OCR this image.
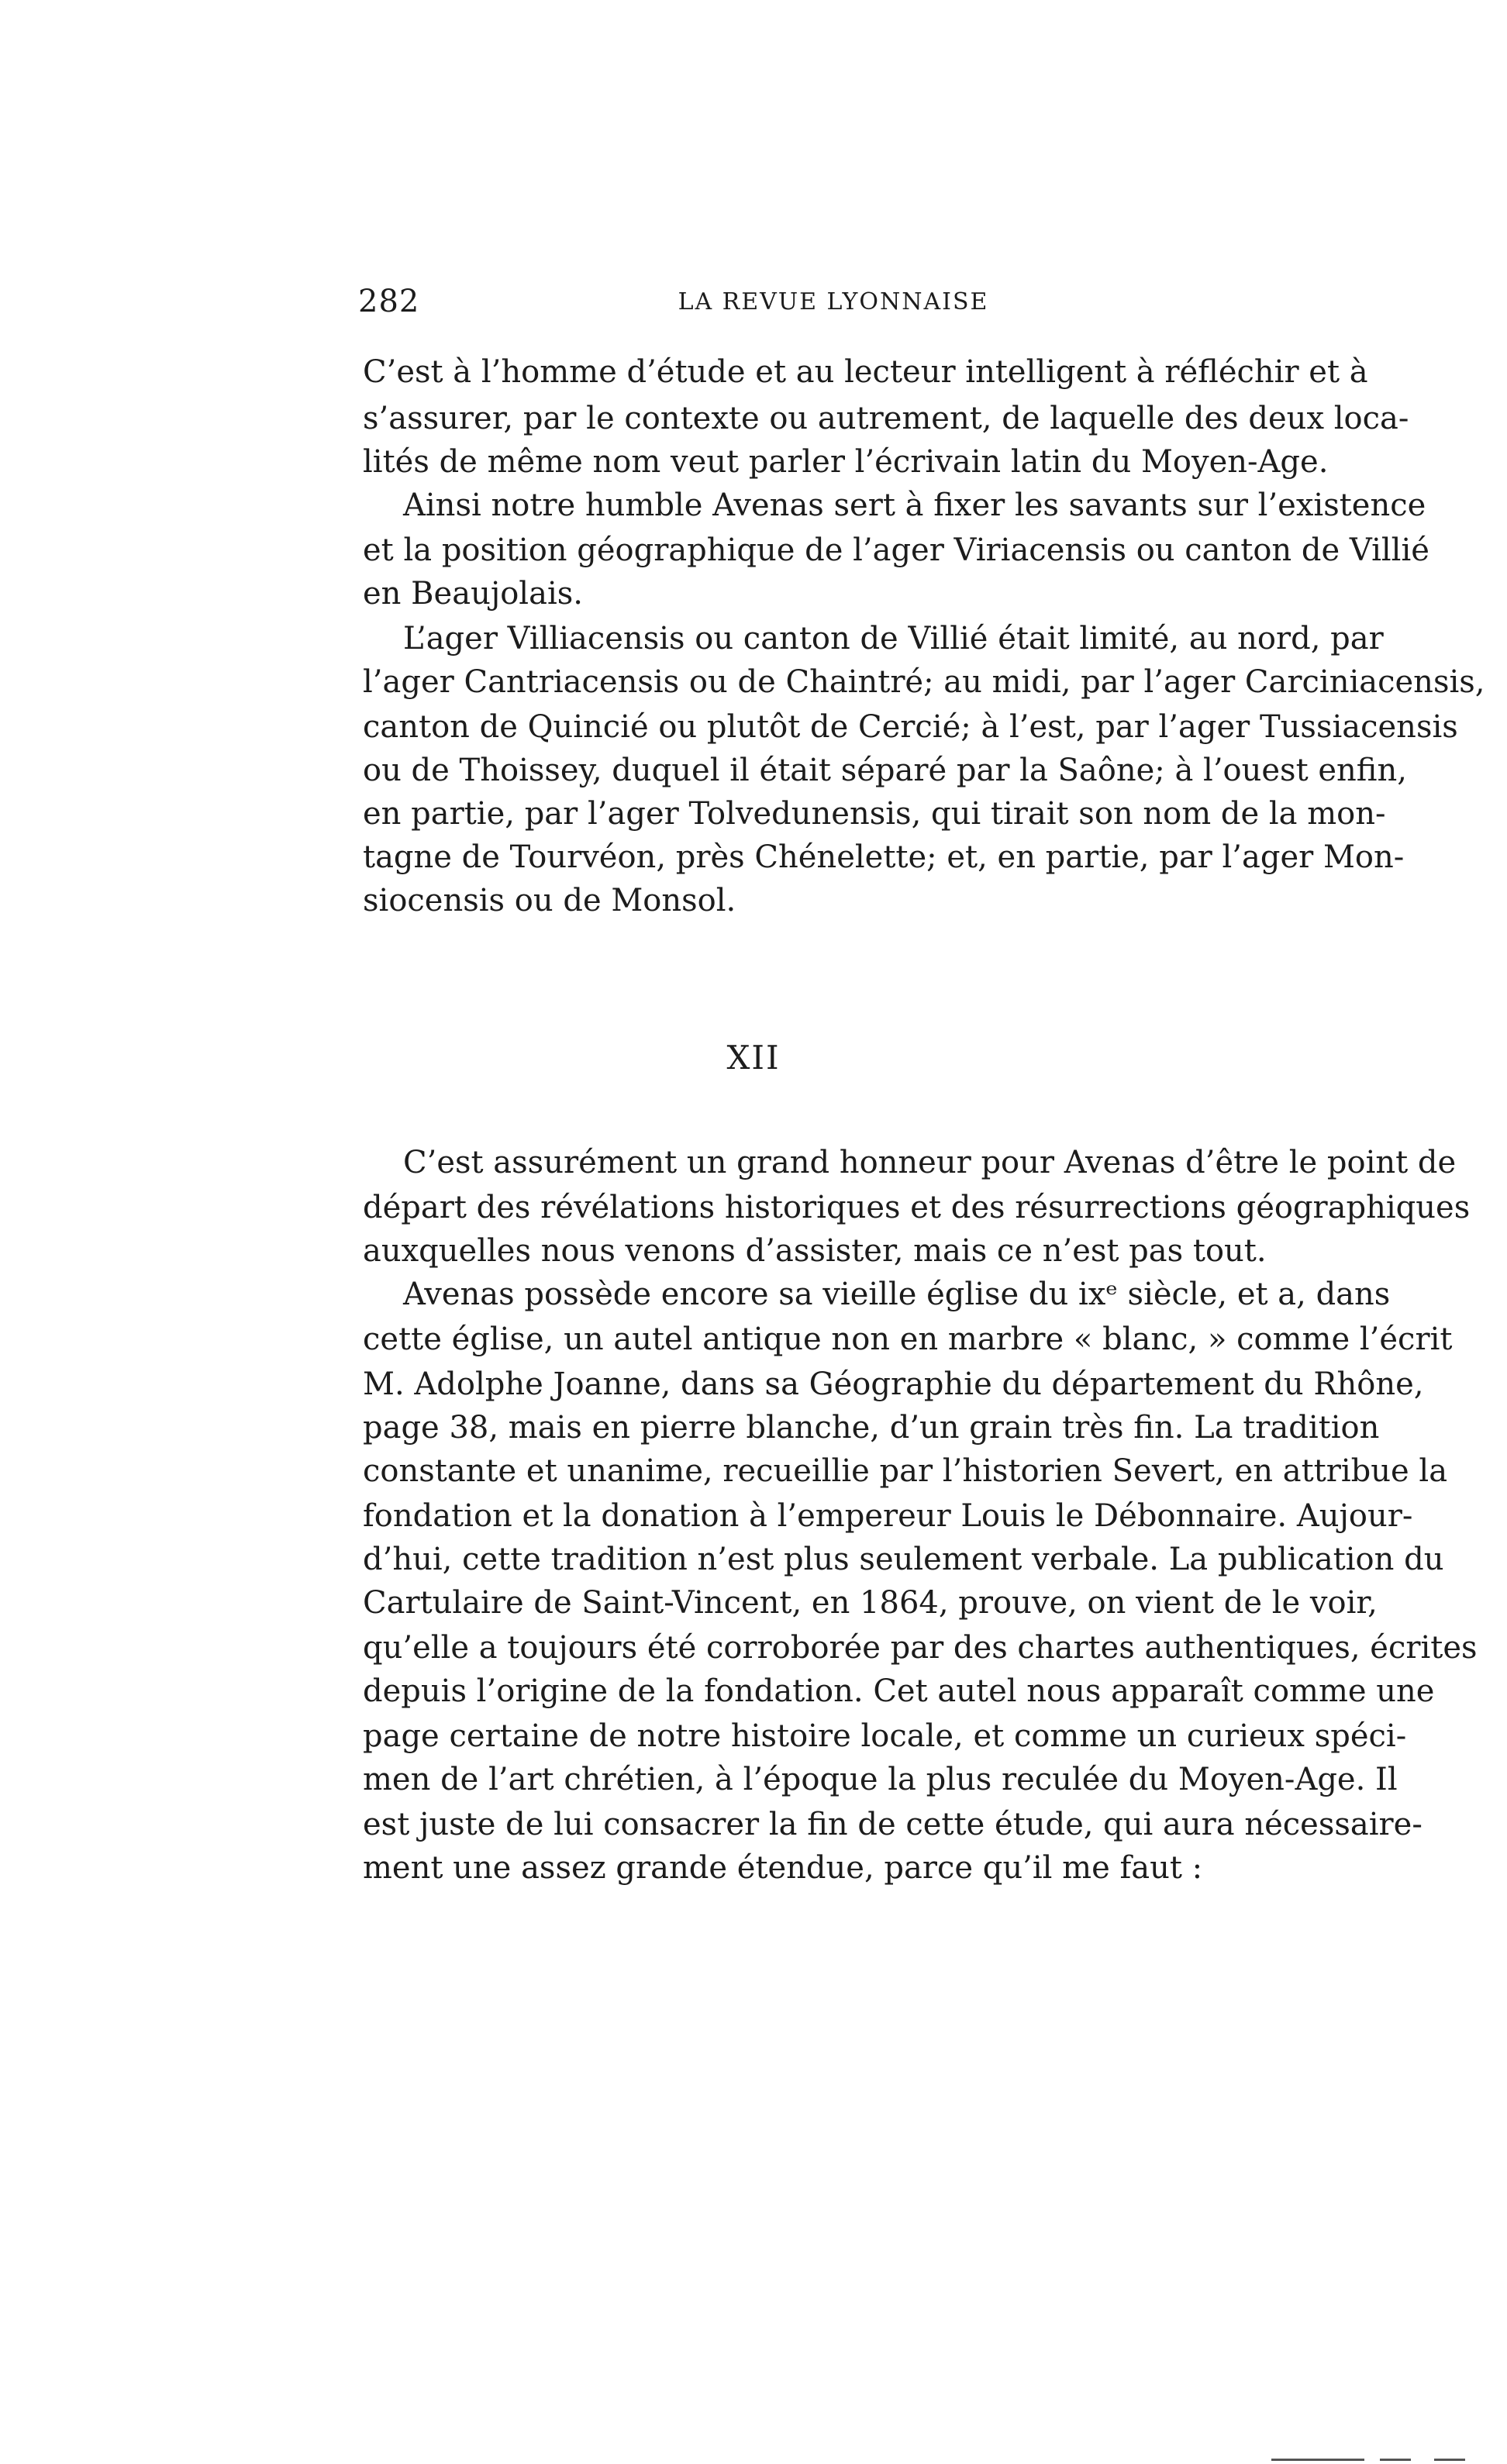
282	LA REVUE LYONNAISE
C’est à l’homme d’étude et au lecteur intelligent à réfléchir et à
s’assurer, par le contexte ou autrement, de laquelle des deux loca-
lités de même nom veut parler l’écrivain latin du Moyen-Age.
Ainsi notre humble Avenas sert à fixer les savants sur l’existence
et la position géographique de l’ager Viriacensis ou canton de Villié
en Beaujolais.
L’ager Villiacensis ou canton de Villié était limité, au nord, par
l’ager Cantriacensis ou de Chaintré; au midi, par l’ager Carciniacensis,
canton de Quincié ou plutôt de Cercié; à l’est, par l’ager Tussiacensis
ou de Thoissey, duquel il était séparé par la Saône; à l’ouest enfin,
en partie, par l’ager Tolvedunensis, qui tirait son nom de la mon-
tagne de Tourvéon, près Chénelette; et, en partie, par l’ager Mon-
siocensis ou de Monsol.
XII
C’est assurément un grand honneur pour Avenas d’être le point de
départ des révélations historiques et des résurrections géographiques
auxquelles nous venons d’assister, mais ce n’est pas tout.
Avenas possède encore sa vieille église du ixᵉ siècle, et a, dans
cette église, un autel antique non en marbre « blanc, » comme l’écrit
M. Adolphe Joanne, dans sa Géographie du département du Rhône,
page 38, mais en pierre blanche, d’un grain très fin. La tradition
constante et unanime, recueillie par l’historien Severt, en attribue la
fondation et la donation à l’empereur Louis le Débonnaire. Aujour-
d’hui, cette tradition n’est plus seulement verbale. La publication du
Cartulaire de Saint-Vincent, en 1864, prouve, on vient de le voir,
qu’elle a toujours été corroborée par des chartes authentiques, écrites
depuis l’origine de la fondation. Cet autel nous apparaît comme une
page certaine de notre histoire locale, et comme un curieux spéci-
men de l’art chrétien, à l’époque la plus reculée du Moyen-Age. Il
est juste de lui consacrer la fin de cette étude, qui aura nécessaire-
ment une assez grande étendue, parce qu’il me faut :
